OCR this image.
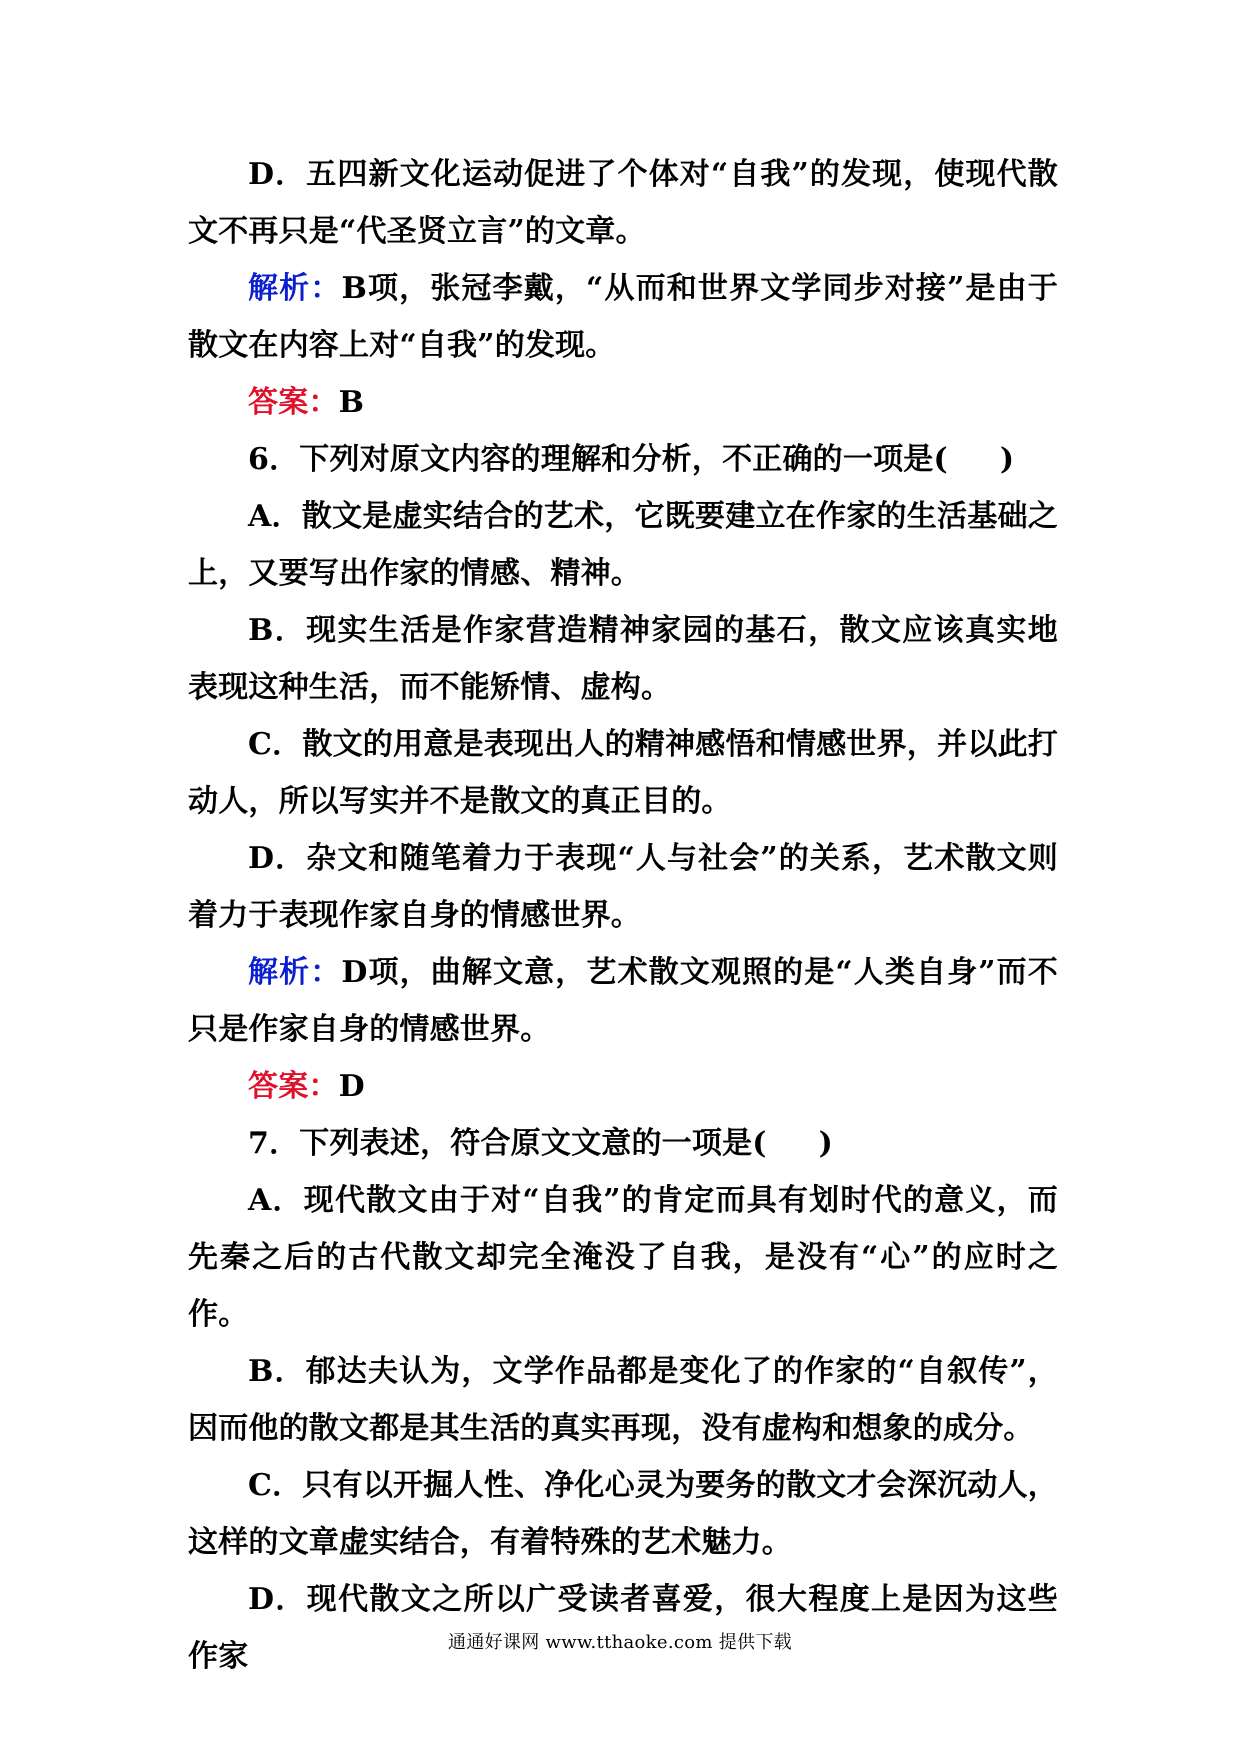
D．五四新文化运动促进了个体对“自我”的发现，使现代散文不再只是“代圣贤立言”的文章。

解析：B项，张冠李戴，“从而和世界文学同步对接”是由于散文在内容上对“自我”的发现。

答案：B

6．下列对原文内容的理解和分析，不正确的一项是( )

A．散文是虚实结合的艺术，它既要建立在作家的生活基础之上，又要写出作家的情感、精神。

B．现实生活是作家营造精神家园的基石，散文应该真实地表现这种生活，而不能矫情、虚构。

C．散文的用意是表现出人的精神感悟和情感世界，并以此打动人，所以写实并不是散文的真正目的。

D．杂文和随笔着力于表现“人与社会”的关系，艺术散文则着力于表现作家自身的情感世界。

解析：D项，曲解文意，艺术散文观照的是“人类自身”而不只是作家自身的情感世界。

答案：D

7．下列表述，符合原文文意的一项是( )

A．现代散文由于对“自我”的肯定而具有划时代的意义，而先秦之后的古代散文却完全淹没了自我，是没有“心”的应时之作。

B．郁达夫认为，文学作品都是变化了的作家的“自叙传”，因而他的散文都是其生活的真实再现，没有虚构和想象的成分。

C．只有以开掘人性、净化心灵为要务的散文才会深沉动人，这样的文章虚实结合，有着特殊的艺术魅力。

D．现代散文之所以广受读者喜爱，很大程度上是因为这些作家	通通好课网 www.tthaoke.com 提供下载
